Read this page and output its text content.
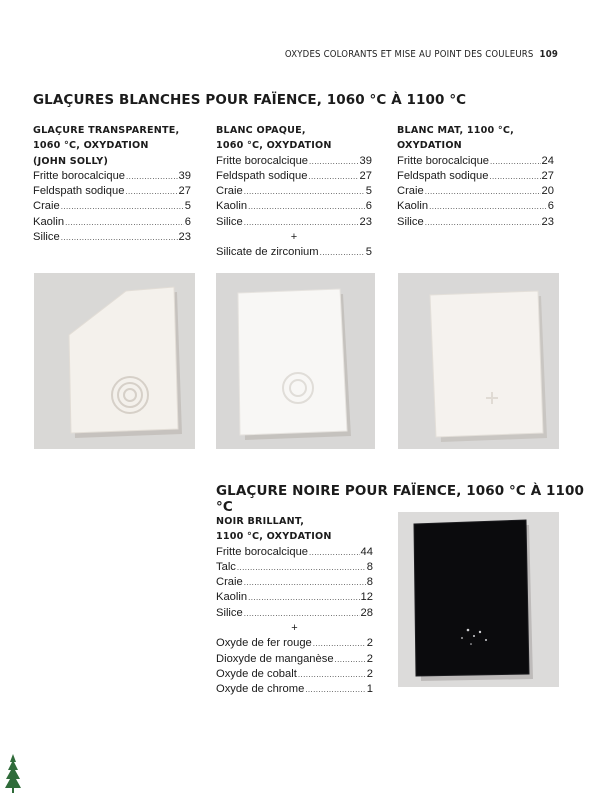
OXYDES COLORANTS ET MISE AU POINT DES COULEURS 109
GLAÇURES BLANCHES POUR FAÏENCE, 1060 °C À 1100 °C
GLAÇURE TRANSPARENTE,
1060 °C, OXYDATION
(JOHN SOLLY)
Fritte borocalcique .....	39
Feldspath sodique .....	27
Craie .....	5
Kaolin .....	6
Silice .....	23
BLANC OPAQUE,
1060 °C, OXYDATION
Fritte borocalcique .....	39
Feldspath sodique .....	27
Craie .....	5
Kaolin .....	6
Silice .....	23
+
Silicate de zirconium .....	5
BLANC MAT, 1100 °C, OXYDATION
Fritte borocalcique .....	24
Feldspath sodique .....	27
Craie .....	20
Kaolin .....	6
Silice .....	23
GLAÇURE NOIRE POUR FAÏENCE, 1060 °C À 1100 °C
NOIR BRILLANT,
1100 °C, OXYDATION
Fritte borocalcique .....	44
Talc .....	8
Craie .....	8
Kaolin .....	12
Silice .....	28
+
Oxyde de fer rouge .....	2
Dioxyde de manganèse .....	2
Oxyde de cobalt .....	2
Oxyde de chrome .....	1
